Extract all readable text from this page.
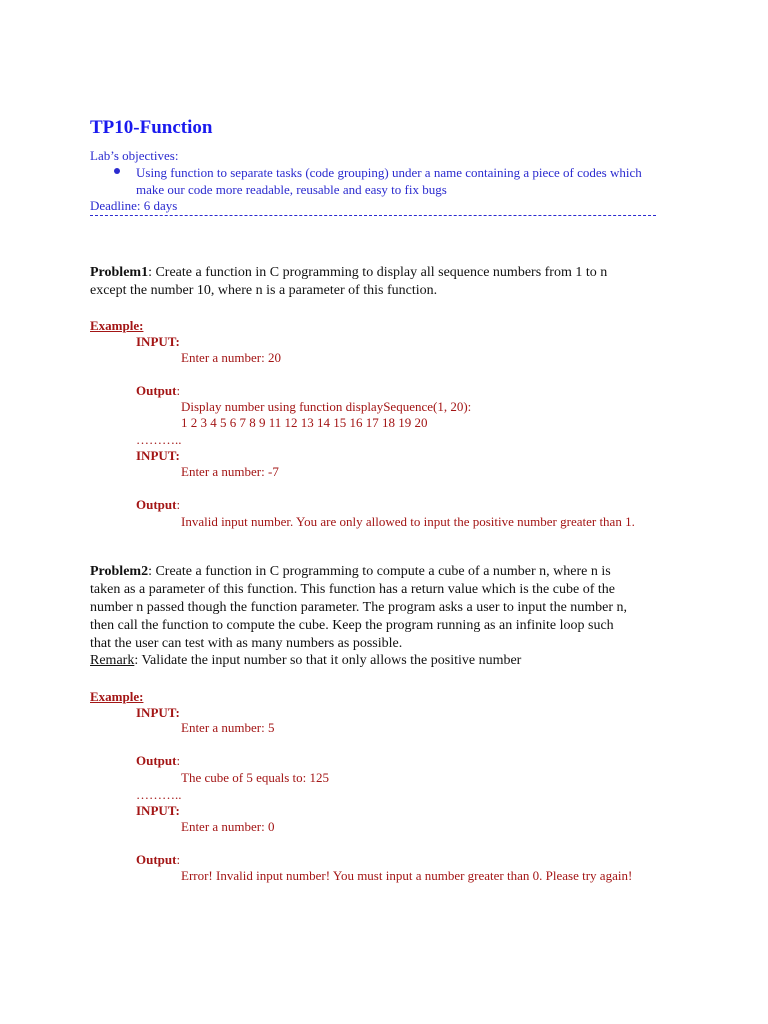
TP10-Function
Lab’s objectives:
Using function to separate tasks (code grouping) under a name containing a piece of codes which
make our code more readable, reusable and easy to fix bugs
Deadline: 6 days
Problem1: Create a function in C programming to display all sequence numbers from 1 to n
except the number 10, where n is a parameter of this function.
Example:
INPUT:
Enter a number: 20
Output:
Display number using function displaySequence(1, 20):
1 2 3 4 5 6 7 8 9 11 12 13 14 15 16 17 18 19 20
………..
INPUT:
Enter a number: -7
Output:
Invalid input number. You are only allowed to input the positive number greater than 1.
Problem2: Create a function in C programming to compute a cube of a number n, where n is
taken as a parameter of this function. This function has a return value which is the cube of the
number n passed though the function parameter. The program asks a user to input the number n,
then call the function to compute the cube. Keep the program running as an infinite loop such
that the user can test with as many numbers as possible.
Remark: Validate the input number so that it only allows the positive number
Example:
INPUT:
Enter a number: 5
Output:
The cube of 5 equals to: 125
………..
INPUT:
Enter a number: 0
Output:
Error! Invalid input number! You must input a number greater than 0. Please try again!
